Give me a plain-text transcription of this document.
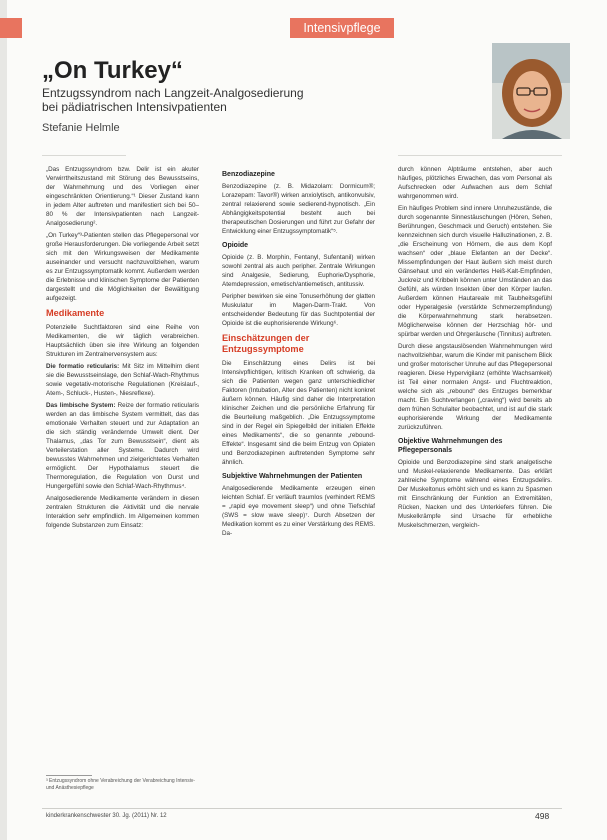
Intensivpflege
„On Turkey“

Entzugssyndrom nach Langzeit-Analgosedierung
bei pädiatrischen Intensivpatienten

Stefanie Helmle

„Das Entzugssyndrom bzw. Delir ist ein akuter Verwirrtheitszustand mit Störung des Bewusstseins, der Wahrnehmung und des Vorliegen einer eingeschränkten Orientierung.“¹ Dieser Zustand kann in jedem Alter auftreten und manifestiert sich bei 50–80 % der Intensivpatienten nach Langzeit-Analgosedierung².

„On Turkey“³-Patienten stellen das Pflegepersonal vor große Herausforderungen. Die vorliegende Arbeit setzt sich mit den Wirkungsweisen der Medikamente auseinander und versucht nachzuvollziehen, warum es zur Entzugssymptomatik kommt. Außerdem werden die Erlebnisse und klinischen Symptome der Patienten dargestellt und die Möglichkeiten der Bewältigung aufgezeigt.

Medikamente

Potenzielle Suchtfaktoren sind eine Reihe von Medikamenten, die wir täglich verabreichen. Hauptsächlich üben sie ihre Wirkung an folgenden Strukturen im Zentralnervensystem aus:

Die formatio reticularis: Mit Sitz im Mittelhirn dient sie die Bewusstseinslage, den Schlaf-Wach-Rhythmus sowie vegetativ-motorische Regulationen (Kreislauf-, Atem-, Schluck-, Husten-, Niesreflexe).

Das limbische System: Reize der formatio reticularis werden an das limbische System vermittelt, das das emotionale Verhalten steuert und zur Adaptation an die sich ständig verändernde Umwelt dient. Der Thalamus, „das Tor zum Bewusstsein“, dient als Verteilerstation aller Systeme. Dadurch wird bewusstes Wahrnehmen und zielgerichtetes Verhalten ermöglicht. Der Hypothalamus steuert die Thermoregulation, die Regulation von Durst und Hungergefühl sowie den Schlaf-Wach-Rhythmus⁴.

Analgosedierende Medikamente verändern in diesen zentralen Strukturen die Aktivität und die nervale Interaktion sehr empfindlich. Im Allgemeinen kommen folgende Substanzen zum Einsatz:

³ Entzugssyndrom ohne Verabreichung der Verabreichung Intensiv- und Anästhesiepflege
Benzodiazepine

Benzodiazepine (z. B. Midazolam: Dormicum®; Lorazepam: Tavor®) wirken anxiolytisch, antikonvulsiv, zentral relaxierend sowie sedierend-hypnotisch. „Ein Abhängigkeitspotential besteht auch bei therapeutischen Dosierungen und führt zur Gefahr der Entwicklung einer Entzugssymptomatik“⁵.

Opioide

Opioide (z. B. Morphin, Fentanyl, Sufentanil) wirken sowohl zentral als auch peripher. Zentrale Wirkungen sind Analgesie, Sedierung, Euphorie/Dysphorie, Atemdepression, emetisch/antiemetisch, antitussiv.

Peripher bewirken sie eine Tonuserhöhung der glatten Muskulatur im Magen-Darm-Trakt. Von entscheidender Bedeutung für das Suchtpotential der Opioide ist die euphorisierende Wirkung⁶.

Einschätzungen der Entzugssymptome

Die Einschätzung eines Delirs ist bei Intensivpflichtigen, kritisch Kranken oft schwierig, da sich die Patienten wegen ganz unterschiedlicher Faktoren (Intubation, Alter des Patienten) nicht konkret äußern können. Häufig sind daher die Interpretation klinischer Zeichen und die persönliche Erfahrung für die Beurteilung maßgeblich. „Die Entzugssymptome sind in der Regel ein Spiegelbild der initialen Effekte eines Medikaments“, die so genannte „rebound-Effekte“. Insgesamt sind die beim Entzug von Opiaten und Benzodiazepinen auftretenden Symptome sehr ähnlich.

Subjektive Wahrnehmungen der Patienten

Analgosedierende Medikamente erzeugen einen leichten Schlaf. Er verläuft traumlos (verhindert REMS = „rapid eye movement sleep“) und ohne Tiefschlaf (SWS = slow wave sleep)⁷. Durch Absetzen der Medikation kommt es zu einer Verstärkung des REMS. Da-

durch können Alpträume entstehen, aber auch häufiges, plötzliches Erwachen, das vom Personal als Aufschrecken oder Aufwachen aus dem Schlaf wahrgenommen wird.

Ein häufiges Problem sind innere Unruhezustände, die durch sogenannte Sinnestäuschungen (Hören, Sehen, Berührungen, Geschmack und Geruch) entstehen. Sie kennzeichnen sich durch visuelle Halluzinationen, z. B. „die Erscheinung von Hörnern, die aus dem Kopf wachsen“ oder „blaue Elefanten an der Decke“. Missempfindungen der Haut äußern sich meist durch Gänsehaut und ein verändertes Heiß-Kalt-Empfinden, Juckreiz und Kribbeln können unter Umständen an das Gefühl, als würden Insekten über den Körper laufen. Außerdem können Hautareale mit Taubheitsgefühl oder Hyperalgesie (verstärkte Schmerzempfindung) die Körperwahrnehmung stark herabsetzen. Möglicherweise können der Herzschlag hör- und spürbar werden und Ohrgeräusche (Tinnitus) auftreten.

Durch diese angstauslösenden Wahrnehmungen wird nachvollziehbar, warum die Kinder mit panischem Blick und großer motorischer Unruhe auf das Pflegepersonal reagieren. Diese Hypervigilanz (erhöhte Wachsamkeit) ist Teil einer normalen Angst- und Fluchtreaktion, welche sich als „rebound“ des Entzuges bemerkbar macht. Ein Suchtverlangen („craving“) wird bereits ab dem frühen Schulalter beobachtet, und ist auf die stark euphorisierende Wirkung der Medikamente zurückzuführen.

Objektive Wahrnehmungen des Pflegepersonals

Opioide und Benzodiazepine sind stark analgetische und Muskel-relaxierende Medikamente. Das erklärt zahlreiche Symptome während eines Entzugsdelirs. Der Muskeltonus erhöht sich und es kann zu Spasmen mit Einschränkung der Funktion an Extremitäten, Rücken, Nacken und des Unterkiefers führen. Die Muskelkrämpfe sind Ursache für erhebliche Muskelschmerzen, vergleich-

kinderkrankenschwester 30. Jg. (2011) Nr. 12	498
